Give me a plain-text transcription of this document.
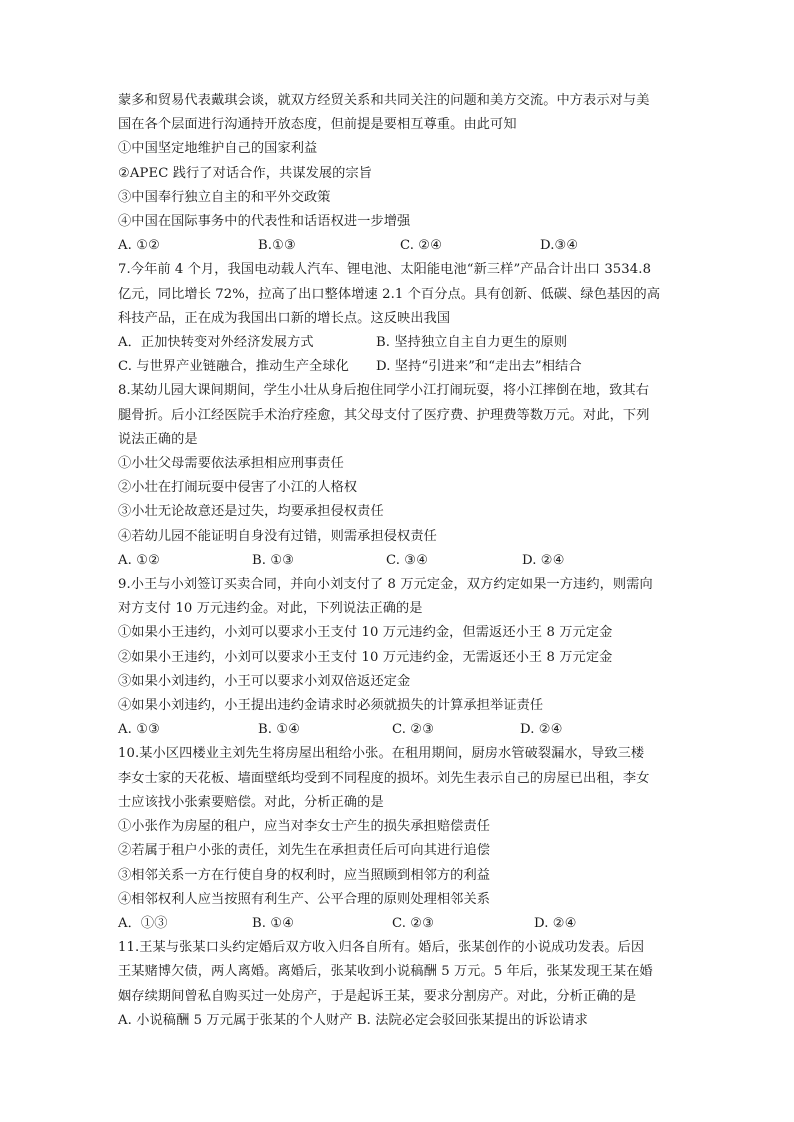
蒙多和贸易代表戴琪会谈，就双方经贸关系和共同关注的问题和美方交流。中方表示对与美
国在各个层面进行沟通持开放态度，但前提是要相互尊重。由此可知
①中国坚定地维护自己的国家利益
②APEC 践行了对话合作，共谋发展的宗旨
③中国奉行独立自主的和平外交政策
④中国在国际事务中的代表性和话语权进一步增强
A. ①②	B.①③	C. ②④	D.③④
7.今年前 4 个月，我国电动载人汽车、锂电池、太阳能电池“新三样”产品合计出口 3534.8
亿元，同比增长 72%，拉高了出口整体增速 2.1 个百分点。具有创新、低碳、绿色基因的高
科技产品，正在成为我国出口新的增长点。这反映出我国
A．正加快转变对外经济发展方式	B. 坚持独立自主自力更生的原则
C. 与世界产业链融合，推动生产全球化	D. 坚持“引进来”和“走出去”相结合
8.某幼儿园大课间期间，学生小壮从身后抱住同学小江打闹玩耍，将小江摔倒在地，致其右
腿骨折。后小江经医院手术治疗痊愈，其父母支付了医疗费、护理费等数万元。对此，下列
说法正确的是
①小壮父母需要依法承担相应刑事责任
②小壮在打闹玩耍中侵害了小江的人格权
③小壮无论故意还是过失，均要承担侵权责任
④若幼儿园不能证明自身没有过错，则需承担侵权责任
A. ①②	B. ①③	C. ③④	D. ②④
9.小王与小刘签订买卖合同，并向小刘支付了 8 万元定金，双方约定如果一方违约，则需向
对方支付 10 万元违约金。对此，下列说法正确的是
①如果小王违约，小刘可以要求小王支付 10 万元违约金，但需返还小王 8 万元定金
②如果小王违约，小刘可以要求小王支付 10 万元违约金，无需返还小王 8 万元定金
③如果小刘违约，小王可以要求小刘双倍返还定金
④如果小刘违约，小王提出违约金请求时必须就损失的计算承担举证责任
A. ①③	B. ①④	C. ②③	D. ②④
10.某小区四楼业主刘先生将房屋出租给小张。在租用期间，厨房水管破裂漏水，导致三楼
李女士家的天花板、墙面壁纸均受到不同程度的损坏。刘先生表示自己的房屋已出租，李女
士应该找小张索要赔偿。对此，分析正确的是
①小张作为房屋的租户，应当对李女士产生的损失承担赔偿责任
②若属于租户小张的责任，刘先生在承担责任后可向其进行追偿
③相邻关系一方在行使自身的权利时，应当照顾到相邻方的利益
④相邻权利人应当按照有利生产、公平合理的原则处理相邻关系
A．①③	B. ①④	C. ②③	D. ②④
11.王某与张某口头约定婚后双方收入归各自所有。婚后，张某创作的小说成功发表。后因
王某赌博欠债，两人离婚。离婚后，张某收到小说稿酬 5 万元。5 年后，张某发现王某在婚
姻存续期间曾私自购买过一处房产，于是起诉王某，要求分割房产。对此，分析正确的是
A. 小说稿酬 5 万元属于张某的个人财产 B. 法院必定会驳回张某提出的诉讼请求
